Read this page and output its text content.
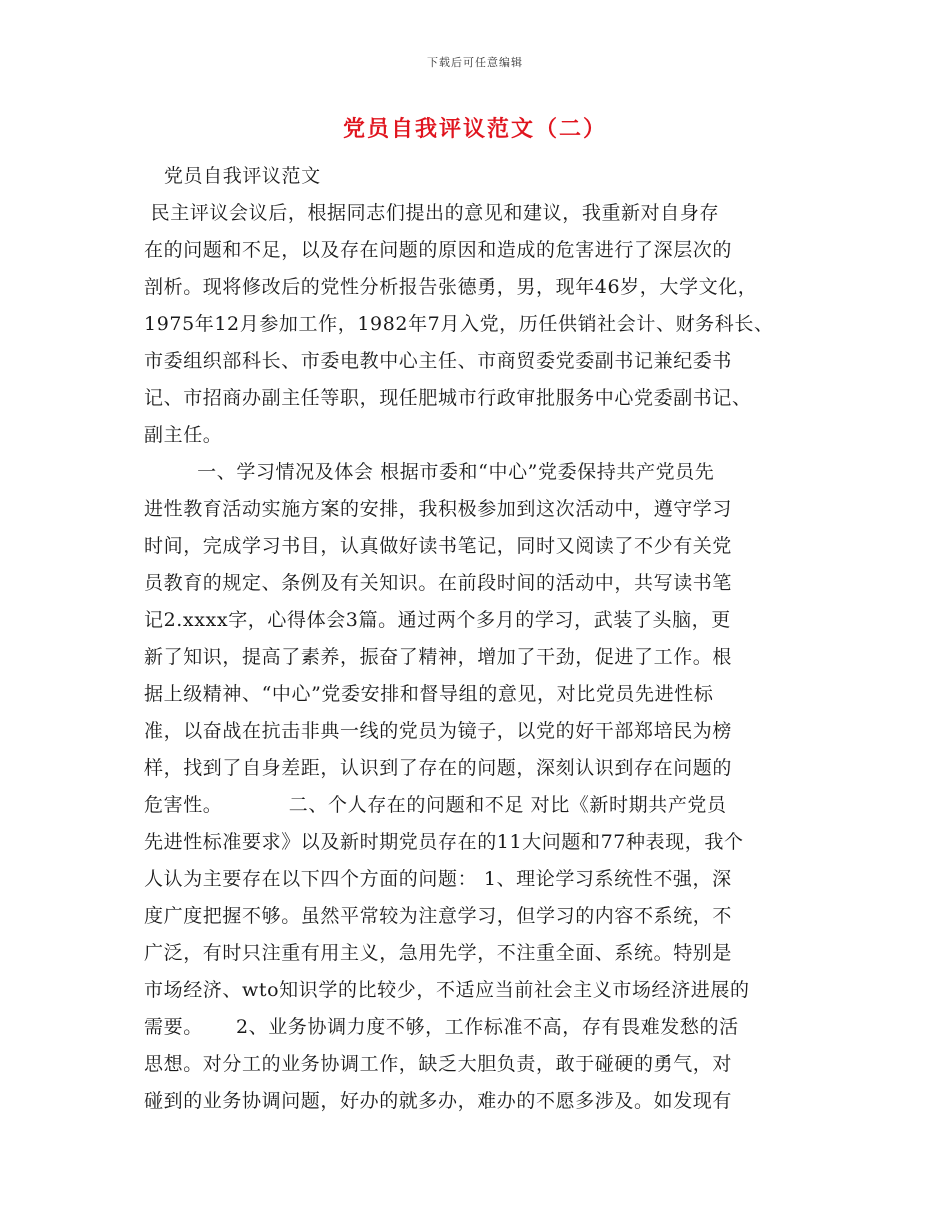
下载后可任意编辑
党员自我评议范文（二）
党员自我评议范文
民主评议会议后，根据同志们提出的意见和建议，我重新对自身存
在的问题和不足，以及存在问题的原因和造成的危害进行了深层次的
剖析。现将修改后的党性分析报告张德勇，男，现年46岁，大学文化，
1975年12月参加工作，1982年7月入党，历任供销社会计、财务科长、
市委组织部科长、市委电教中心主任、市商贸委党委副书记兼纪委书
记、市招商办副主任等职，现任肥城市行政审批服务中心党委副书记、
副主任。
一、学习情况及体会 根据市委和“中心”党委保持共产党员先
进性教育活动实施方案的安排，我积极参加到这次活动中，遵守学习
时间，完成学习书目，认真做好读书笔记，同时又阅读了不少有关党
员教育的规定、条例及有关知识。在前段时间的活动中，共写读书笔
记2.xxxx字，心得体会3篇。通过两个多月的学习，武装了头脑，更
新了知识，提高了素养，振奋了精神，增加了干劲，促进了工作。根
据上级精神、“中心”党委安排和督导组的意见，对比党员先进性标
准，以奋战在抗击非典一线的党员为镜子，以党的好干部郑培民为榜
样，找到了自身差距，认识到了存在的问题，深刻认识到存在问题的
危害性。          二、个人存在的问题和不足 对比《新时期共产党员
先进性标准要求》以及新时期党员存在的11大问题和77种表现，我个
人认为主要存在以下四个方面的问题： 1、理论学习系统性不强，深
度广度把握不够。虽然平常较为注意学习，但学习的内容不系统，不
广泛，有时只注重有用主义，急用先学，不注重全面、系统。特别是
市场经济、wto知识学的比较少，不适应当前社会主义市场经济进展的
需要。     2、业务协调力度不够，工作标准不高，存有畏难发愁的活
思想。对分工的业务协调工作，缺乏大胆负责，敢于碰硬的勇气，对
碰到的业务协调问题，好办的就多办，难办的不愿多涉及。如发现有
